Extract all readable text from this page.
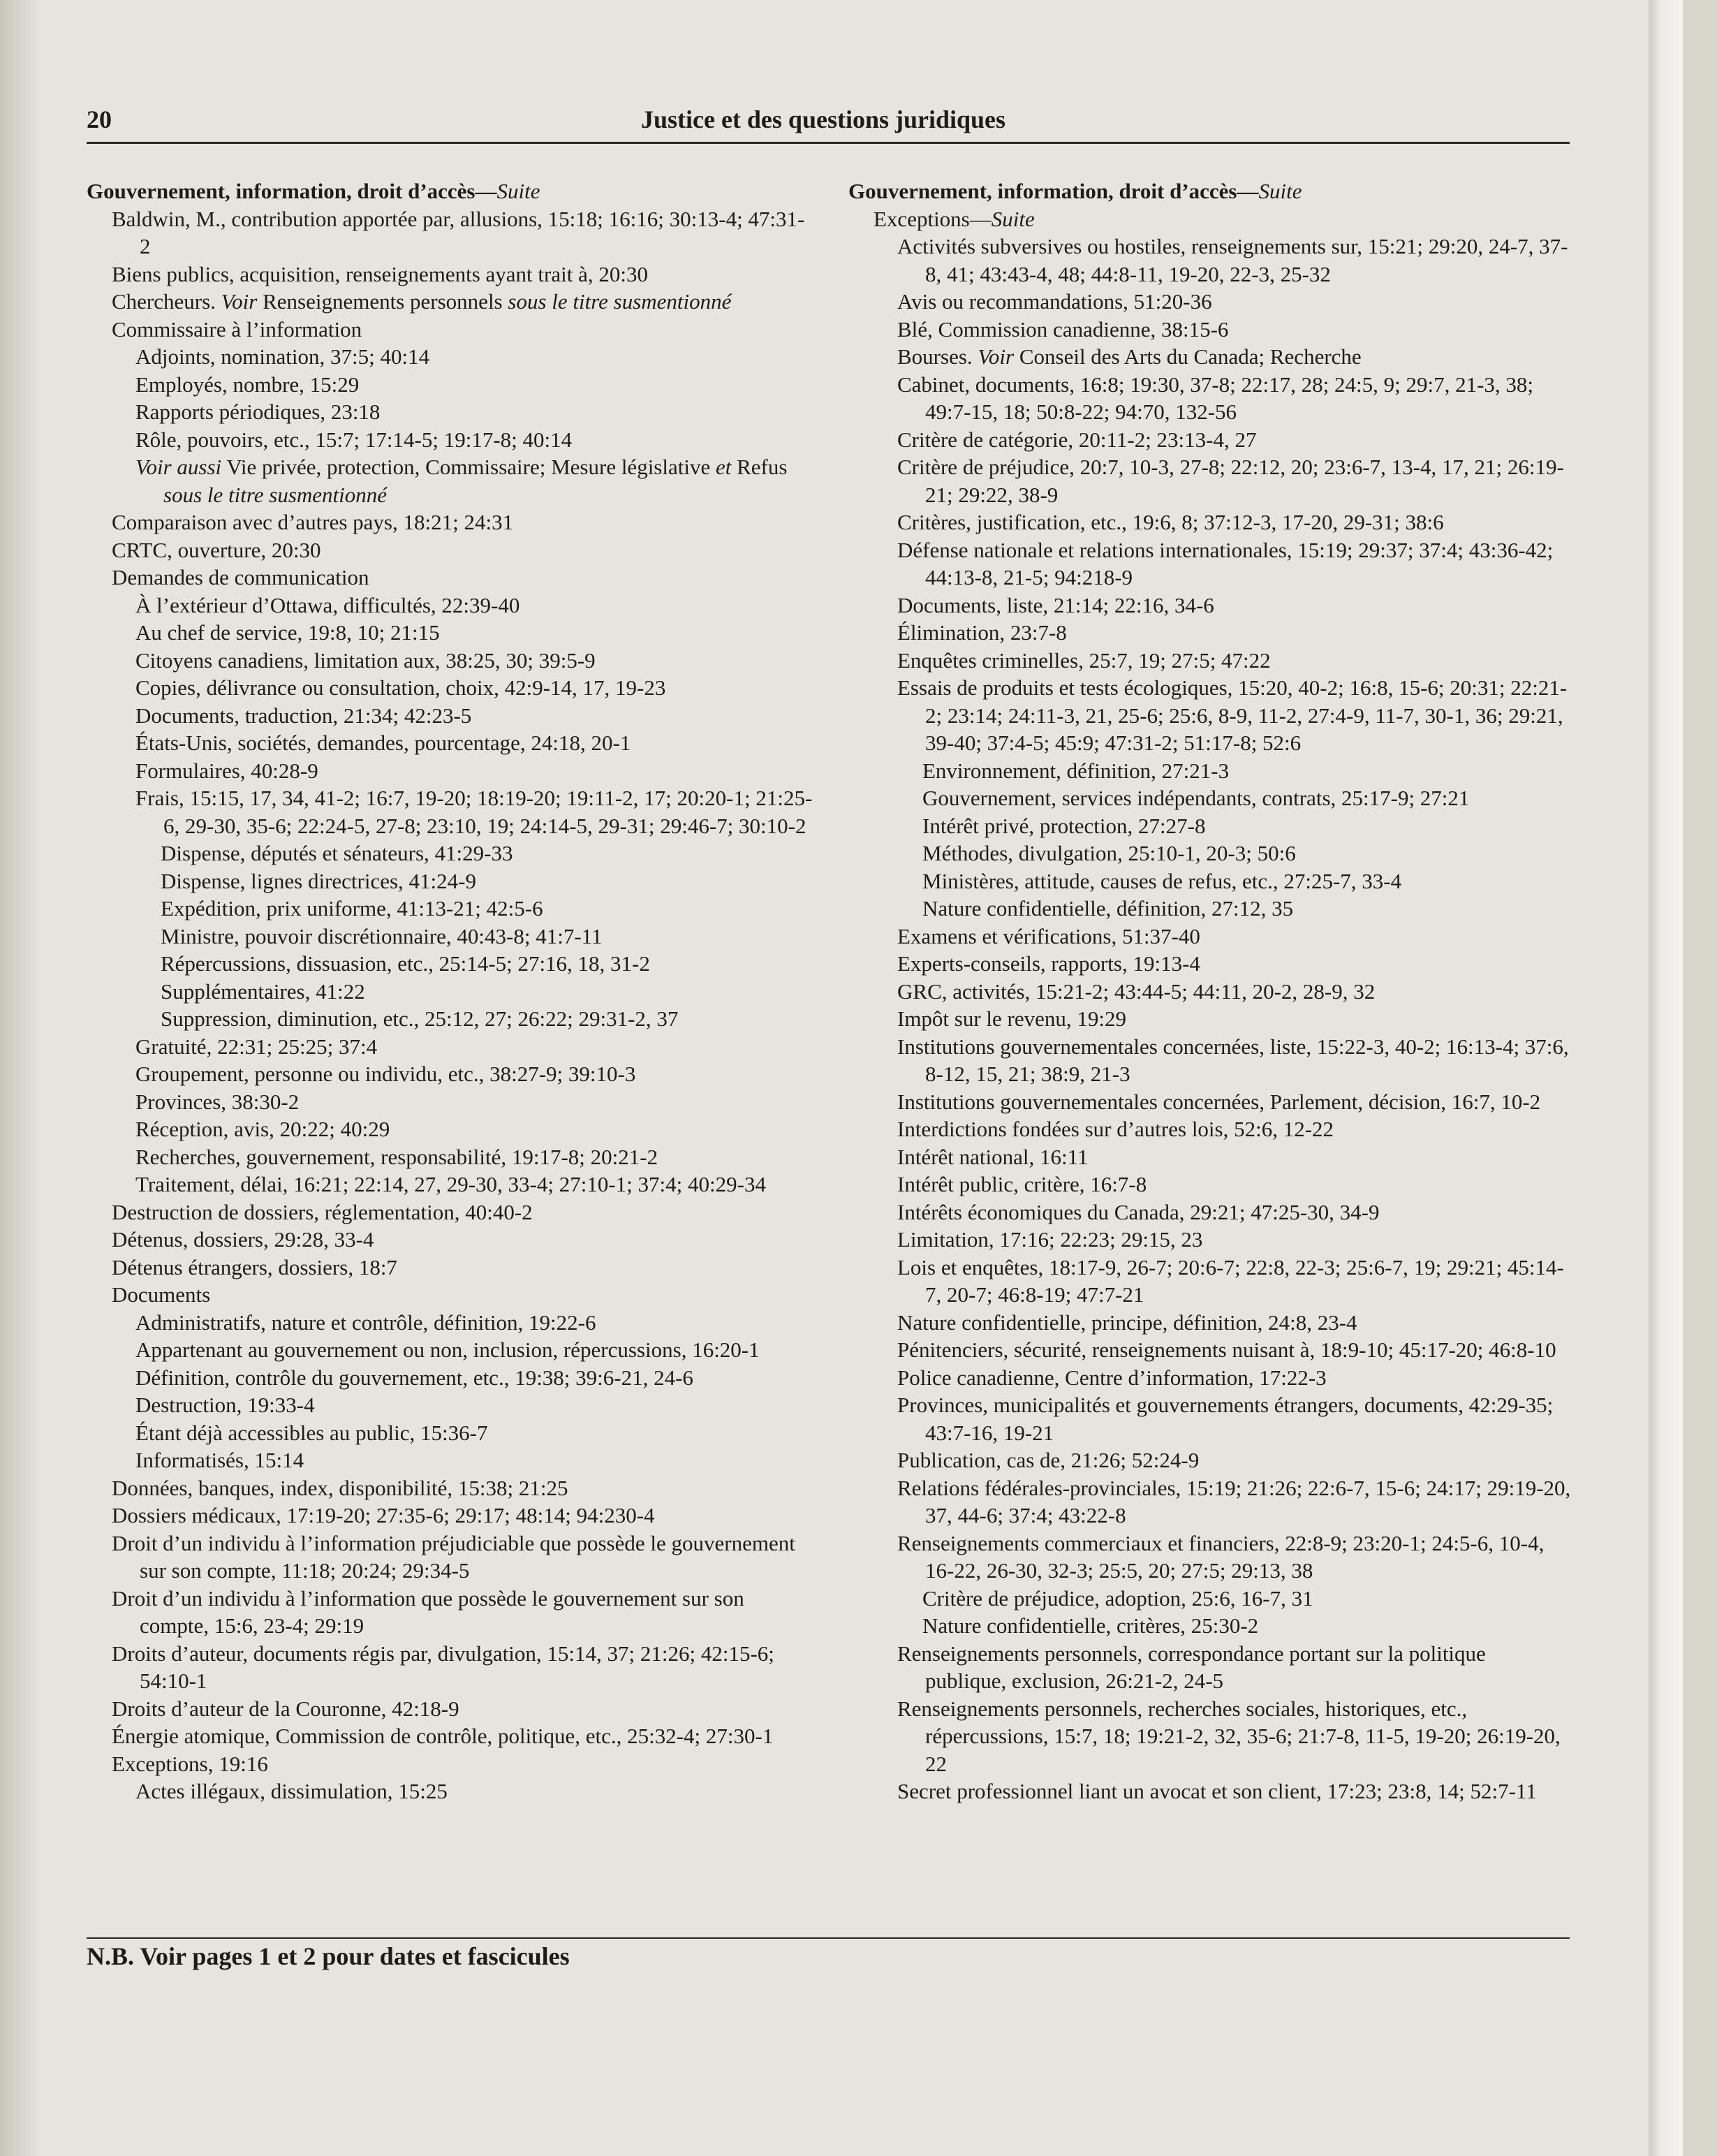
20	Justice et des questions juridiques
Gouvernement, information, droit d’accès—Suite
Baldwin, M., contribution apportée par, allusions, 15:18; 16:16; 30:13-4; 47:31-2
Biens publics, acquisition, renseignements ayant trait à, 20:30
Chercheurs. Voir Renseignements personnels sous le titre susmentionné
Commissaire à l’information
Adjoints, nomination, 37:5; 40:14
Employés, nombre, 15:29
Rapports périodiques, 23:18
Rôle, pouvoirs, etc., 15:7; 17:14-5; 19:17-8; 40:14
Voir aussi Vie privée, protection, Commissaire; Mesure législative et Refus sous le titre susmentionné
Comparaison avec d’autres pays, 18:21; 24:31
CRTC, ouverture, 20:30
Demandes de communication
À l’extérieur d’Ottawa, difficultés, 22:39-40
Au chef de service, 19:8, 10; 21:15
Citoyens canadiens, limitation aux, 38:25, 30; 39:5-9
Copies, délivrance ou consultation, choix, 42:9-14, 17, 19-23
Documents, traduction, 21:34; 42:23-5
États-Unis, sociétés, demandes, pourcentage, 24:18, 20-1
Formulaires, 40:28-9
Frais, 15:15, 17, 34, 41-2; 16:7, 19-20; 18:19-20; 19:11-2, 17; 20:20-1; 21:25-6, 29-30, 35-6; 22:24-5, 27-8; 23:10, 19; 24:14-5, 29-31; 29:46-7; 30:10-2
Dispense, députés et sénateurs, 41:29-33
Dispense, lignes directrices, 41:24-9
Expédition, prix uniforme, 41:13-21; 42:5-6
Ministre, pouvoir discrétionnaire, 40:43-8; 41:7-11
Répercussions, dissuasion, etc., 25:14-5; 27:16, 18, 31-2
Supplémentaires, 41:22
Suppression, diminution, etc., 25:12, 27; 26:22; 29:31-2, 37
Gratuité, 22:31; 25:25; 37:4
Groupement, personne ou individu, etc., 38:27-9; 39:10-3
Provinces, 38:30-2
Réception, avis, 20:22; 40:29
Recherches, gouvernement, responsabilité, 19:17-8; 20:21-2
Traitement, délai, 16:21; 22:14, 27, 29-30, 33-4; 27:10-1; 37:4; 40:29-34
Destruction de dossiers, réglementation, 40:40-2
Détenus, dossiers, 29:28, 33-4
Détenus étrangers, dossiers, 18:7
Documents
Administratifs, nature et contrôle, définition, 19:22-6
Appartenant au gouvernement ou non, inclusion, répercussions, 16:20-1
Définition, contrôle du gouvernement, etc., 19:38; 39:6-21, 24-6
Destruction, 19:33-4
Étant déjà accessibles au public, 15:36-7
Informatisés, 15:14
Données, banques, index, disponibilité, 15:38; 21:25
Dossiers médicaux, 17:19-20; 27:35-6; 29:17; 48:14; 94:230-4
Droit d’un individu à l’information préjudiciable que possède le gouvernement sur son compte, 11:18; 20:24; 29:34-5
Droit d’un individu à l’information que possède le gouvernement sur son compte, 15:6, 23-4; 29:19
Droits d’auteur, documents régis par, divulgation, 15:14, 37; 21:26; 42:15-6; 54:10-1
Droits d’auteur de la Couronne, 42:18-9
Énergie atomique, Commission de contrôle, politique, etc., 25:32-4; 27:30-1
Exceptions, 19:16
Actes illégaux, dissimulation, 15:25
Gouvernement, information, droit d’accès—Suite
Exceptions—Suite
Activités subversives ou hostiles, renseignements sur, 15:21; 29:20, 24-7, 37-8, 41; 43:43-4, 48; 44:8-11, 19-20, 22-3, 25-32
Avis ou recommandations, 51:20-36
Blé, Commission canadienne, 38:15-6
Bourses. Voir Conseil des Arts du Canada; Recherche
Cabinet, documents, 16:8; 19:30, 37-8; 22:17, 28; 24:5, 9; 29:7, 21-3, 38; 49:7-15, 18; 50:8-22; 94:70, 132-56
Critère de catégorie, 20:11-2; 23:13-4, 27
Critère de préjudice, 20:7, 10-3, 27-8; 22:12, 20; 23:6-7, 13-4, 17, 21; 26:19-21; 29:22, 38-9
Critères, justification, etc., 19:6, 8; 37:12-3, 17-20, 29-31; 38:6
Défense nationale et relations internationales, 15:19; 29:37; 37:4; 43:36-42; 44:13-8, 21-5; 94:218-9
Documents, liste, 21:14; 22:16, 34-6
Élimination, 23:7-8
Enquêtes criminelles, 25:7, 19; 27:5; 47:22
Essais de produits et tests écologiques, 15:20, 40-2; 16:8, 15-6; 20:31; 22:21-2; 23:14; 24:11-3, 21, 25-6; 25:6, 8-9, 11-2, 27:4-9, 11-7, 30-1, 36; 29:21, 39-40; 37:4-5; 45:9; 47:31-2; 51:17-8; 52:6
Environnement, définition, 27:21-3
Gouvernement, services indépendants, contrats, 25:17-9; 27:21
Intérêt privé, protection, 27:27-8
Méthodes, divulgation, 25:10-1, 20-3; 50:6
Ministères, attitude, causes de refus, etc., 27:25-7, 33-4
Nature confidentielle, définition, 27:12, 35
Examens et vérifications, 51:37-40
Experts-conseils, rapports, 19:13-4
GRC, activités, 15:21-2; 43:44-5; 44:11, 20-2, 28-9, 32
Impôt sur le revenu, 19:29
Institutions gouvernementales concernées, liste, 15:22-3, 40-2; 16:13-4; 37:6, 8-12, 15, 21; 38:9, 21-3
Institutions gouvernementales concernées, Parlement, décision, 16:7, 10-2
Interdictions fondées sur d’autres lois, 52:6, 12-22
Intérêt national, 16:11
Intérêt public, critère, 16:7-8
Intérêts économiques du Canada, 29:21; 47:25-30, 34-9
Limitation, 17:16; 22:23; 29:15, 23
Lois et enquêtes, 18:17-9, 26-7; 20:6-7; 22:8, 22-3; 25:6-7, 19; 29:21; 45:14-7, 20-7; 46:8-19; 47:7-21
Nature confidentielle, principe, définition, 24:8, 23-4
Pénitenciers, sécurité, renseignements nuisant à, 18:9-10; 45:17-20; 46:8-10
Police canadienne, Centre d’information, 17:22-3
Provinces, municipalités et gouvernements étrangers, documents, 42:29-35; 43:7-16, 19-21
Publication, cas de, 21:26; 52:24-9
Relations fédérales-provinciales, 15:19; 21:26; 22:6-7, 15-6; 24:17; 29:19-20, 37, 44-6; 37:4; 43:22-8
Renseignements commerciaux et financiers, 22:8-9; 23:20-1; 24:5-6, 10-4, 16-22, 26-30, 32-3; 25:5, 20; 27:5; 29:13, 38
Critère de préjudice, adoption, 25:6, 16-7, 31
Nature confidentielle, critères, 25:30-2
Renseignements personnels, correspondance portant sur la politique publique, exclusion, 26:21-2, 24-5
Renseignements personnels, recherches sociales, historiques, etc., répercussions, 15:7, 18; 19:21-2, 32, 35-6; 21:7-8, 11-5, 19-20; 26:19-20, 22
Secret professionnel liant un avocat et son client, 17:23; 23:8, 14; 52:7-11
N.B. Voir pages 1 et 2 pour dates et fascicules
